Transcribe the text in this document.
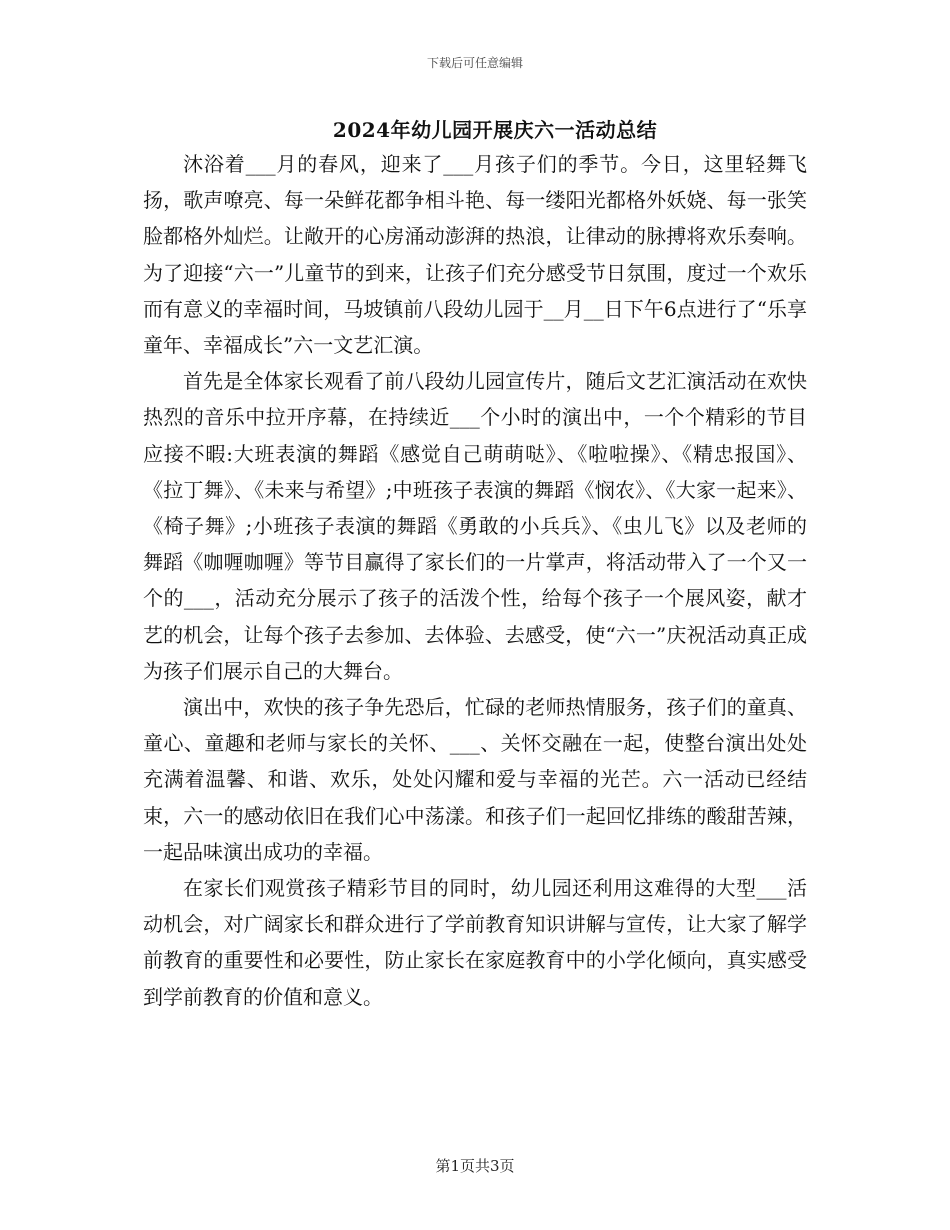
下载后可任意编辑
2024年幼儿园开展庆六一活动总结

沐浴着___月的春风，迎来了___月孩子们的季节。今日，这里轻舞飞扬，歌声嘹亮、每一朵鲜花都争相斗艳、每一缕阳光都格外妖娆、每一张笑脸都格外灿烂。让敞开的心房涌动澎湃的热浪，让律动的脉搏将欢乐奏响。为了迎接“六一”儿童节的到来，让孩子们充分感受节日氛围，度过一个欢乐而有意义的幸福时间，马坡镇前八段幼儿园于__月__日下午6点进行了“乐享童年、幸福成长”六一文艺汇演。

首先是全体家长观看了前八段幼儿园宣传片，随后文艺汇演活动在欢快热烈的音乐中拉开序幕，在持续近___个小时的演出中，一个个精彩的节目应接不暇:大班表演的舞蹈《感觉自己萌萌哒》、《啦啦操》、《精忠报国》、《拉丁舞》、《未来与希望》;中班孩子表演的舞蹈《悯农》、《大家一起来》、《椅子舞》;小班孩子表演的舞蹈《勇敢的小兵兵》、《虫儿飞》以及老师的舞蹈《咖喱咖喱》等节目赢得了家长们的一片掌声，将活动带入了一个又一个的___，活动充分展示了孩子的活泼个性，给每个孩子一个展风姿，献才艺的机会，让每个孩子去参加、去体验、去感受，使“六一”庆祝活动真正成为孩子们展示自己的大舞台。

演出中，欢快的孩子争先恐后，忙碌的老师热情服务，孩子们的童真、童心、童趣和老师与家长的关怀、___、关怀交融在一起，使整台演出处处充满着温馨、和谐、欢乐，处处闪耀和爱与幸福的光芒。六一活动已经结束，六一的感动依旧在我们心中荡漾。和孩子们一起回忆排练的酸甜苦辣，一起品味演出成功的幸福。

在家长们观赏孩子精彩节目的同时，幼儿园还利用这难得的大型___活动机会，对广阔家长和群众进行了学前教育知识讲解与宣传，让大家了解学前教育的重要性和必要性，防止家长在家庭教育中的小学化倾向，真实感受到学前教育的价值和意义。

第1页共3页
